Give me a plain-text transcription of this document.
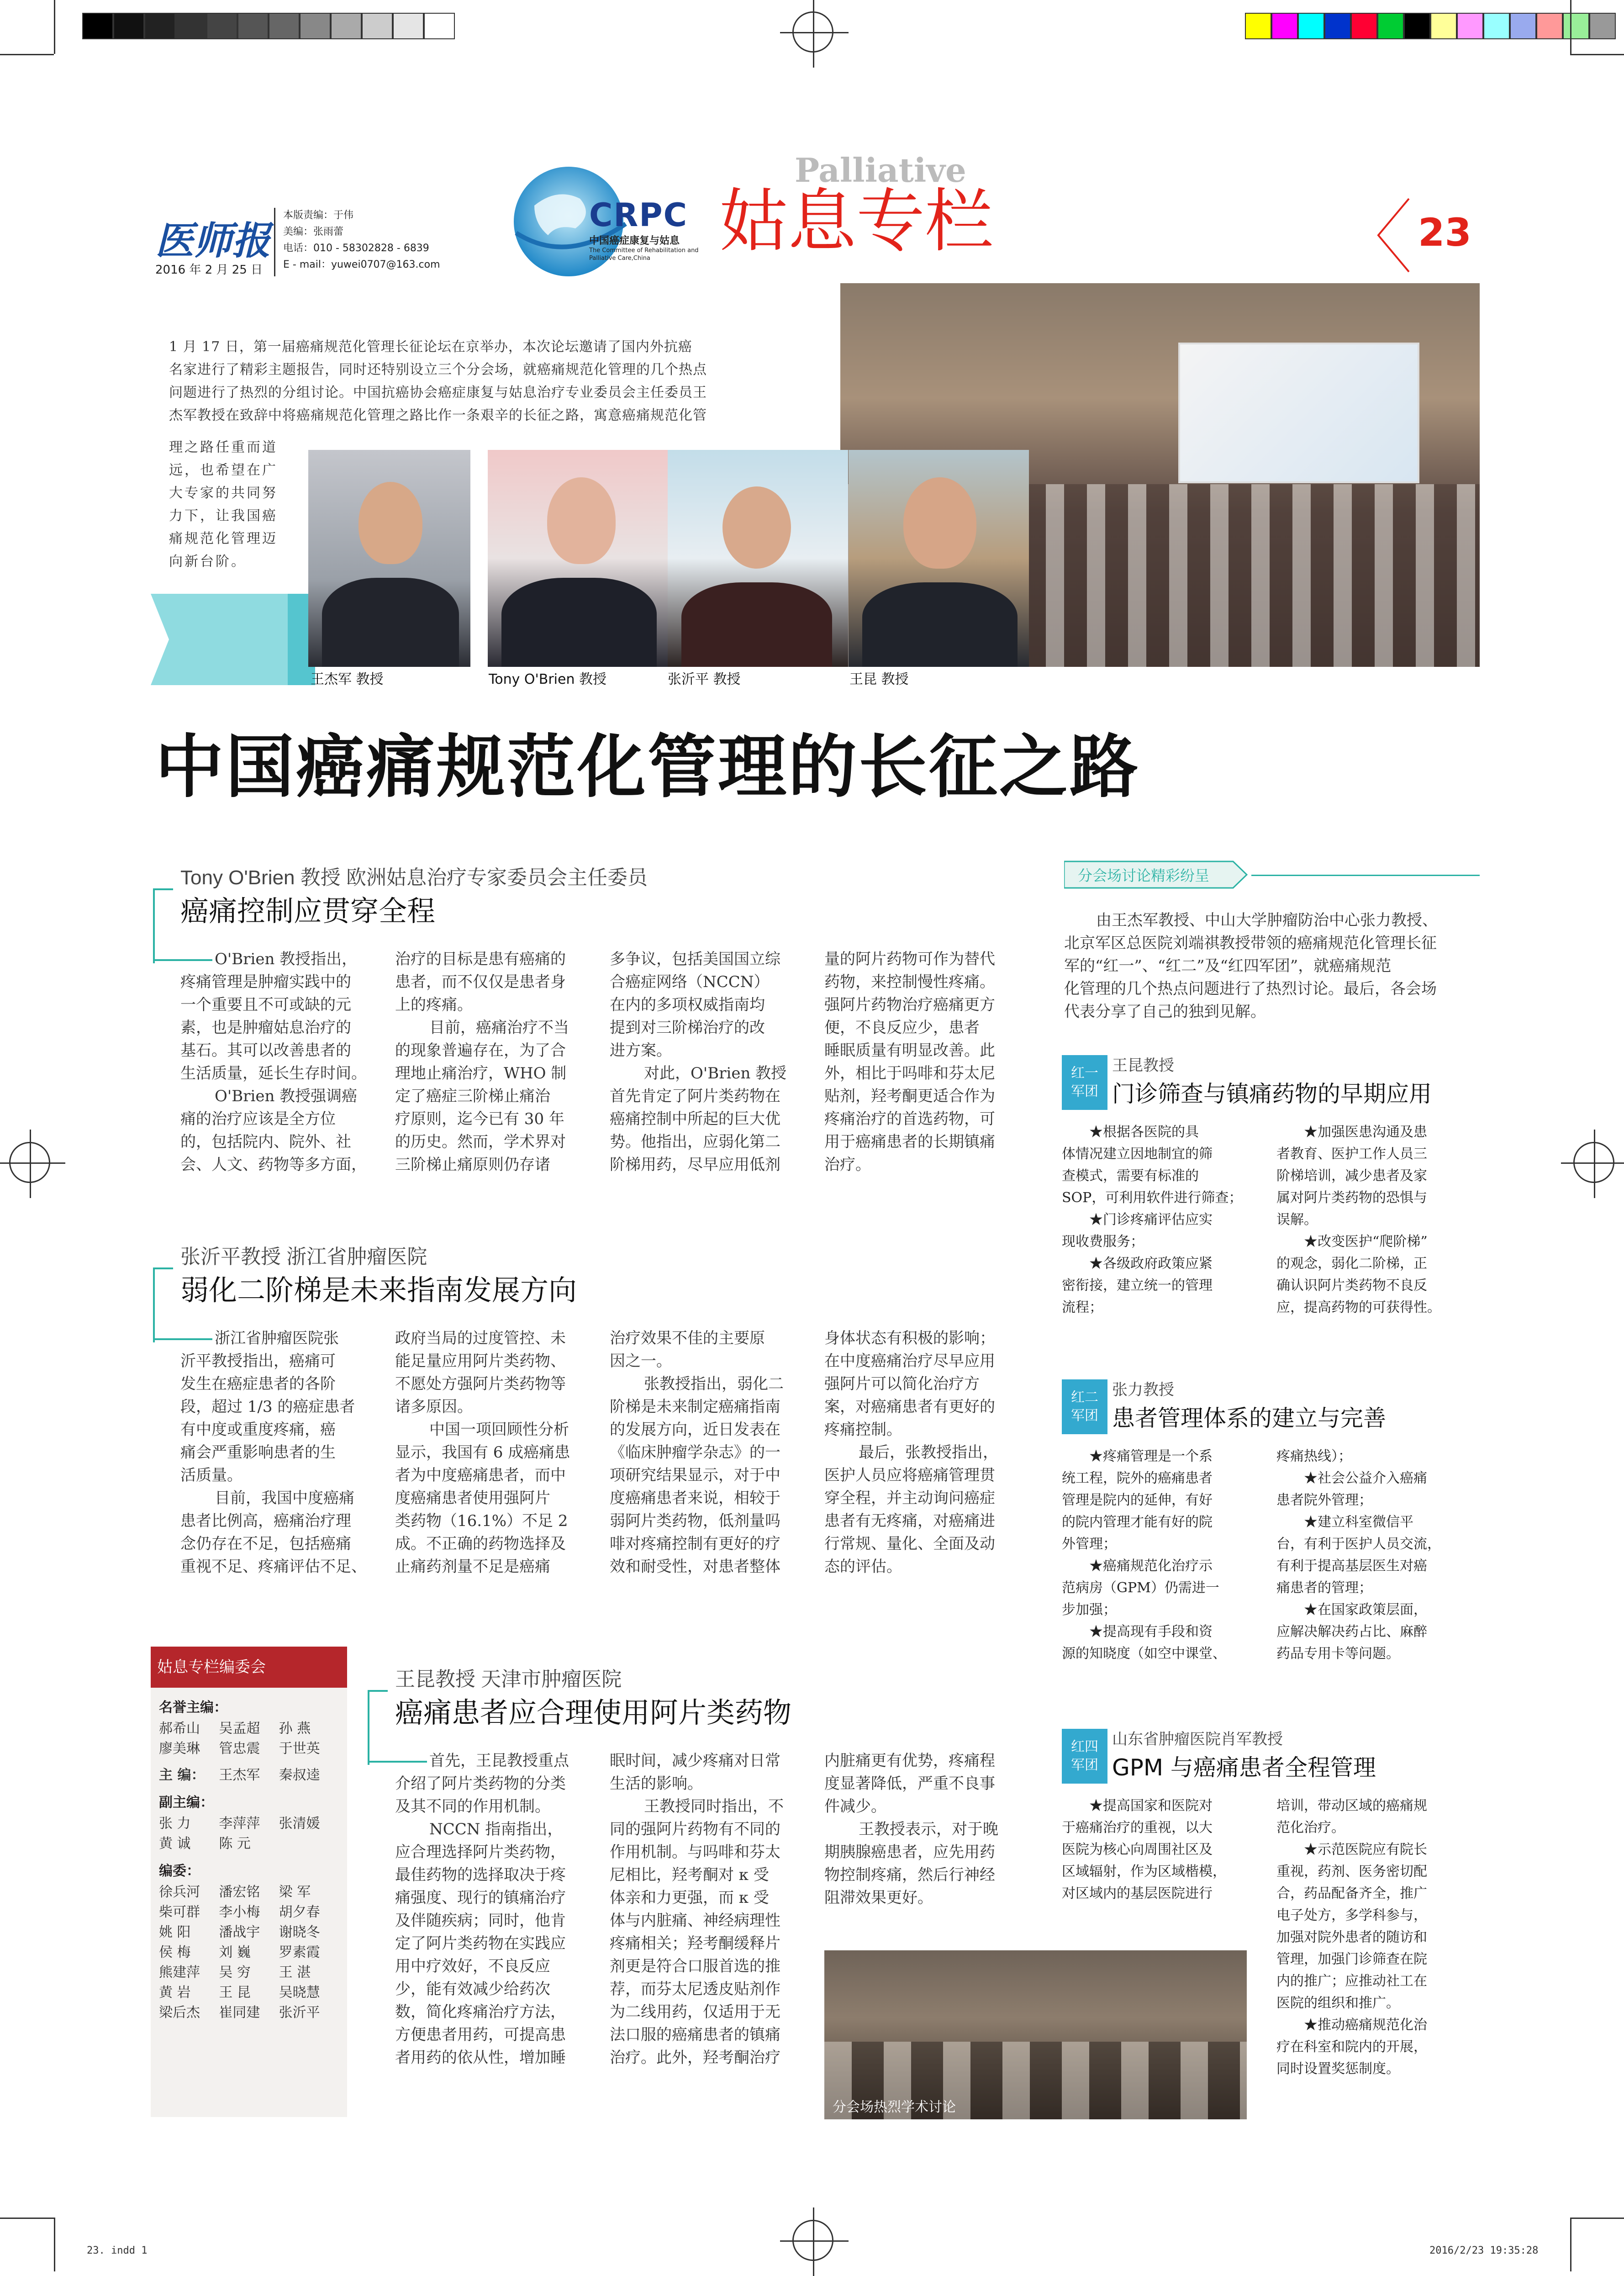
医师报
2016 年 2 月 25 日
本版责编：于伟
美编：张雨蕾
电话：010 - 58302828 - 6839
E - mail：yuwei0707@163.com
CRPC
中国癌症康复与姑息
The Committee of Rehabilitation and Palliative Care,China
Palliative
姑息专栏	23
1 月 17 日，第一届癌痛规范化管理长征论坛在京举办，本次论坛邀请了国内外抗癌
名家进行了精彩主题报告，同时还特别设立三个分会场，就癌痛规范化管理的几个热点
问题进行了热烈的分组讨论。中国抗癌协会癌症康复与姑息治疗专业委员会主任委员王
杰军教授在致辞中将癌痛规范化管理之路比作一条艰辛的长征之路，寓意癌痛规范化管
理之路任重而道
远，也希望在广
大专家的共同努
力下，让我国癌
痛规范化管理迈
向新台阶。
王杰军 教授	Tony O'Brien 教授	张沂平 教授	王昆 教授
中国癌痛规范化管理的长征之路
Tony O'Brien 教授 欧洲姑息治疗专家委员会主任委员
癌痛控制应贯穿全程
O'Brien 教授指出，
疼痛管理是肿瘤实践中的
一个重要且不可或缺的元
素，也是肿瘤姑息治疗的
基石。其可以改善患者的
生活质量，延长生存时间。
O'Brien 教授强调癌
痛的治疗应该是全方位
的，包括院内、院外、社
会、人文、药物等多方面，
治疗的目标是患有癌痛的
患者，而不仅仅是患者身
上的疼痛。
目前，癌痛治疗不当
的现象普遍存在，为了合
理地止痛治疗，WHO 制
定了癌症三阶梯止痛治
疗原则，迄今已有 30 年
的历史。然而，学术界对
三阶梯止痛原则仍存诸
多争议，包括美国国立综
合癌症网络（NCCN）
在内的多项权威指南均
提到对三阶梯治疗的改
进方案。
对此，O'Brien 教授
首先肯定了阿片类药物在
癌痛控制中所起的巨大优
势。他指出，应弱化第二
阶梯用药，尽早应用低剂
量的阿片药物可作为替代
药物，来控制慢性疼痛。
强阿片药物治疗癌痛更方
便，不良反应少，患者
睡眠质量有明显改善。此
外，相比于吗啡和芬太尼
贴剂，羟考酮更适合作为
疼痛治疗的首选药物，可
用于癌痛患者的长期镇痛
治疗。
张沂平教授 浙江省肿瘤医院
弱化二阶梯是未来指南发展方向
浙江省肿瘤医院张
沂平教授指出，癌痛可
发生在癌症患者的各阶
段，超过 1/3 的癌症患者
有中度或重度疼痛，癌
痛会严重影响患者的生
活质量。
目前，我国中度癌痛
患者比例高，癌痛治疗理
念仍存在不足，包括癌痛
重视不足、疼痛评估不足、
政府当局的过度管控、未
能足量应用阿片类药物、
不愿处方强阿片类药物等
诸多原因。
中国一项回顾性分析
显示，我国有 6 成癌痛患
者为中度癌痛患者，而中
度癌痛患者使用强阿片
类药物（16.1%）不足 2
成。不正确的药物选择及
止痛药剂量不足是癌痛
治疗效果不佳的主要原
因之一。
张教授指出，弱化二
阶梯是未来制定癌痛指南
的发展方向，近日发表在
《临床肿瘤学杂志》的一
项研究结果显示，对于中
度癌痛患者来说，相较于
弱阿片类药物，低剂量吗
啡对疼痛控制有更好的疗
效和耐受性，对患者整体
身体状态有积极的影响；
在中度癌痛治疗尽早应用
强阿片可以简化治疗方
案，对癌痛患者有更好的
疼痛控制。
最后，张教授指出，
医护人员应将癌痛管理贯
穿全程，并主动询问癌症
患者有无疼痛，对癌痛进
行常规、量化、全面及动
态的评估。
姑息专栏编委会
名誉主编：
郝希山	吴孟超	孙 燕
廖美琳	管忠震	于世英
主 编：	王杰军	秦叔逵
副主编：
张 力	李萍萍	张清媛
黄 诚	陈 元
编委：
徐兵河	潘宏铭	梁 军
柴可群	李小梅	胡夕春
姚 阳	潘战宇	谢晓冬
侯 梅	刘 巍	罗素霞
熊建萍	吴 穷	王 湛
黄 岩	王 昆	吴晓慧
梁后杰	崔同建	张沂平
王昆教授 天津市肿瘤医院
癌痛患者应合理使用阿片类药物
首先，王昆教授重点
介绍了阿片类药物的分类
及其不同的作用机制。
NCCN 指南指出，
应合理选择阿片类药物，
最佳药物的选择取决于疼
痛强度、现行的镇痛治疗
及伴随疾病；同时，他肯
定了阿片类药物在实践应
用中疗效好，不良反应
少，能有效减少给药次
数，简化疼痛治疗方法，
方便患者用药，可提高患
者用药的依从性，增加睡
眠时间，减少疼痛对日常
生活的影响。
王教授同时指出，不
同的强阿片药物有不同的
作用机制。与吗啡和芬太
尼相比，羟考酮对 κ 受
体亲和力更强，而 κ 受
体与内脏痛、神经病理性
疼痛相关；羟考酮缓释片
剂更是符合口服首选的推
荐，而芬太尼透皮贴剂作
为二线用药，仅适用于无
法口服的癌痛患者的镇痛
治疗。此外，羟考酮治疗
内脏痛更有优势，疼痛程
度显著降低，严重不良事
件减少。
王教授表示，对于晚
期胰腺癌患者，应先用药
物控制疼痛，然后行神经
阻滞效果更好。
分会场热烈学术讨论
分会场讨论精彩纷呈
由王杰军教授、中山大学肿瘤防治中心张力教授、
北京军区总医院刘端祺教授带领的癌痛规范化管理长征
军的“红一”、“红二”及“红四军团”，就癌痛规范
化管理的几个热点问题进行了热烈讨论。最后，各会场
代表分享了自己的独到见解。
红一
军团
王昆教授
门诊筛查与镇痛药物的早期应用
★根据各医院的具
体情况建立因地制宜的筛
查模式，需要有标准的
SOP，可利用软件进行筛查；
★门诊疼痛评估应实
现收费服务；
★各级政府政策应紧
密衔接，建立统一的管理
流程；
★加强医患沟通及患
者教育、医护工作人员三
阶梯培训，减少患者及家
属对阿片类药物的恐惧与
误解。
★改变医护“爬阶梯”
的观念，弱化二阶梯，正
确认识阿片类药物不良反
应，提高药物的可获得性。
红二
军团
张力教授
患者管理体系的建立与完善
★疼痛管理是一个系
统工程，院外的癌痛患者
管理是院内的延伸，有好
的院内管理才能有好的院
外管理；
★癌痛规范化治疗示
范病房（GPM）仍需进一
步加强；
★提高现有手段和资
源的知晓度（如空中课堂、
疼痛热线）；
★社会公益介入癌痛
患者院外管理；
★建立科室微信平
台，有利于医护人员交流，
有利于提高基层医生对癌
痛患者的管理；
★在国家政策层面，
应解决解决药占比、麻醉
药品专用卡等问题。
红四
军团
山东省肿瘤医院肖军教授
GPM 与癌痛患者全程管理
★提高国家和医院对
于癌痛治疗的重视，以大
医院为核心向周围社区及
区域辐射，作为区域楷模，
对区域内的基层医院进行
培训，带动区域的癌痛规
范化治疗。
★示范医院应有院长
重视，药剂、医务密切配
合，药品配备齐全，推广
电子处方，多学科参与，
加强对院外患者的随访和
管理，加强门诊筛查在院
内的推广；应推动社工在
医院的组织和推广。
★推动癌痛规范化治
疗在科室和院内的开展，
同时设置奖惩制度。
23. indd 1	2016/2/23 19:35:28
